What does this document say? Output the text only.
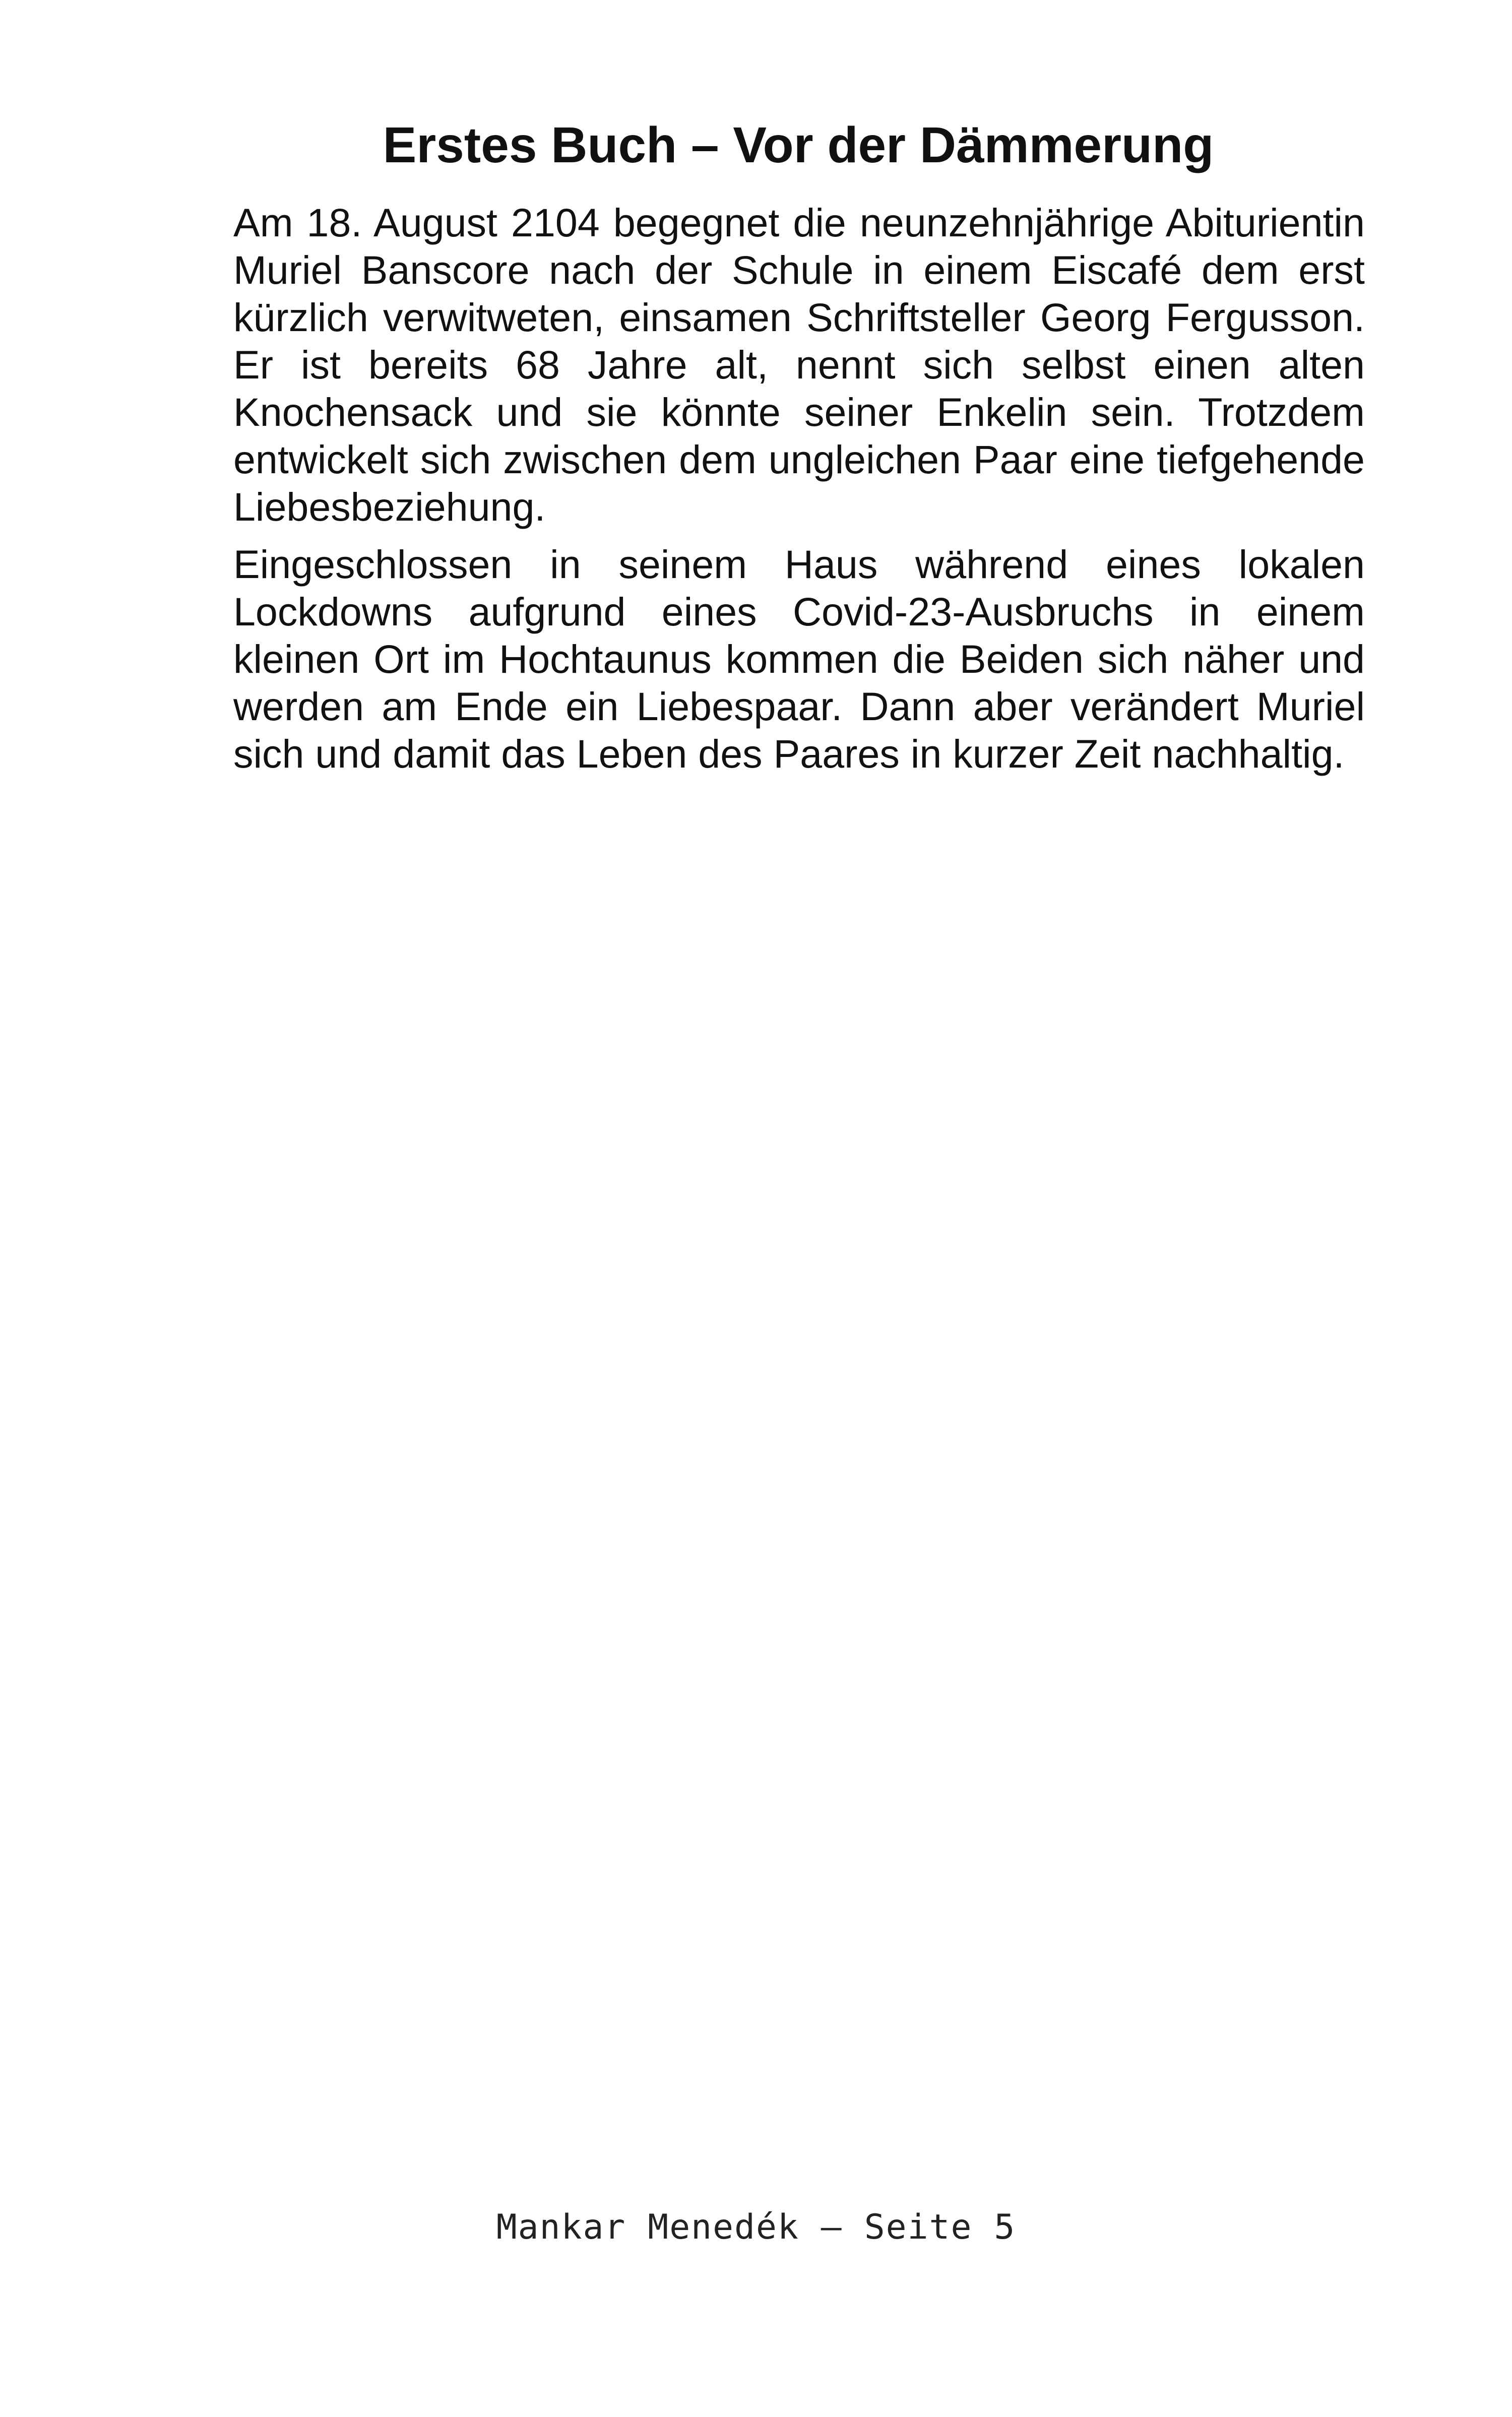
Erstes Buch – Vor der Dämmerung

Am 18. August 2104 begegnet die neunzehnjährige Abiturientin Muriel Banscore nach der Schule in einem Eiscafé dem erst kürzlich verwitweten, einsamen Schriftsteller Georg Fergusson. Er ist bereits 68 Jahre alt, nennt sich selbst einen alten Knochensack und sie könnte seiner Enkelin sein. Trotzdem entwickelt sich zwischen dem ungleichen Paar eine tiefgehende Liebesbeziehung.

Eingeschlossen in seinem Haus während eines lokalen Lockdowns aufgrund eines Covid-23-Ausbruchs in einem kleinen Ort im Hochtaunus kommen die Beiden sich näher und werden am Ende ein Liebespaar. Dann aber verändert Muriel sich und damit das Leben des Paares in kurzer Zeit nachhaltig.

Mankar Menedék – Seite 5
